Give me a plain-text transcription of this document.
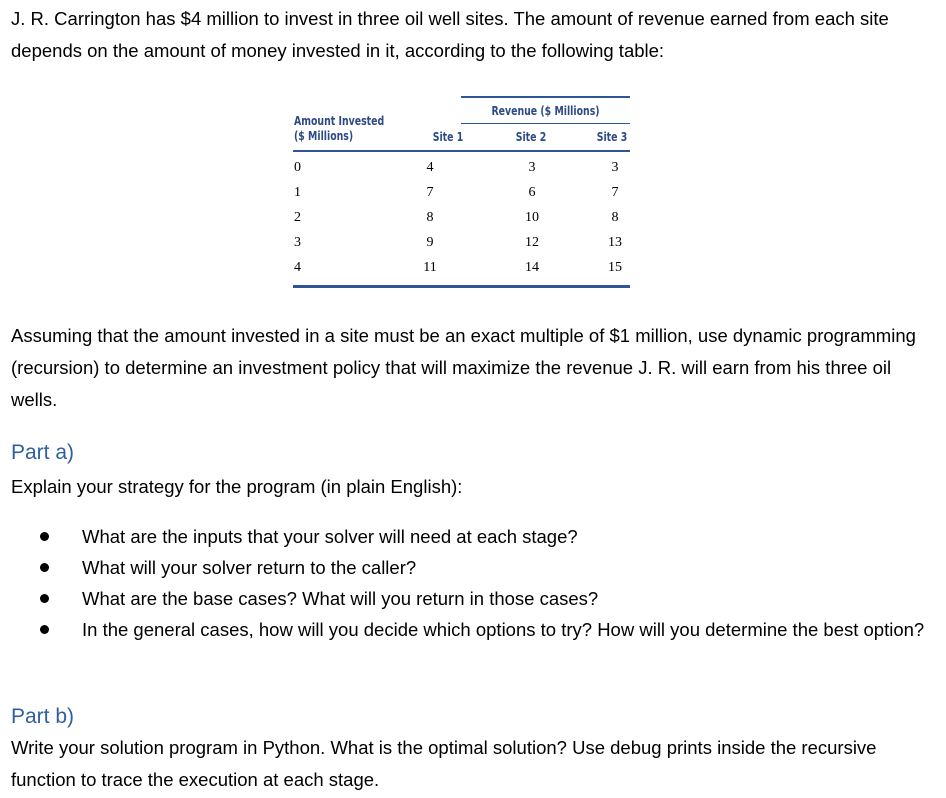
J. R. Carrington has $4 million to invest in three oil well sites. The amount of revenue earned from each site depends on the amount of money invested in it, according to the following table:

Revenue ($ Millions)
Amount Invested
($ Millions)	Site 1	Site 2	Site 3
0	4	3	3
1	7	6	7
2	8	10	8
3	9	12	13
4	11	14	15

Assuming that the amount invested in a site must be an exact multiple of $1 million, use dynamic programming (recursion) to determine an investment policy that will maximize the revenue J. R. will earn from his three oil wells.

Part a)

Explain your strategy for the program (in plain English):

What are the inputs that your solver will need at each stage?
What will your solver return to the caller?
What are the base cases? What will you return in those cases?
In the general cases, how will you decide which options to try? How will you determine the best option?
Part b)

Write your solution program in Python. What is the optimal solution? Use debug prints inside the recursive function to trace the execution at each stage.
